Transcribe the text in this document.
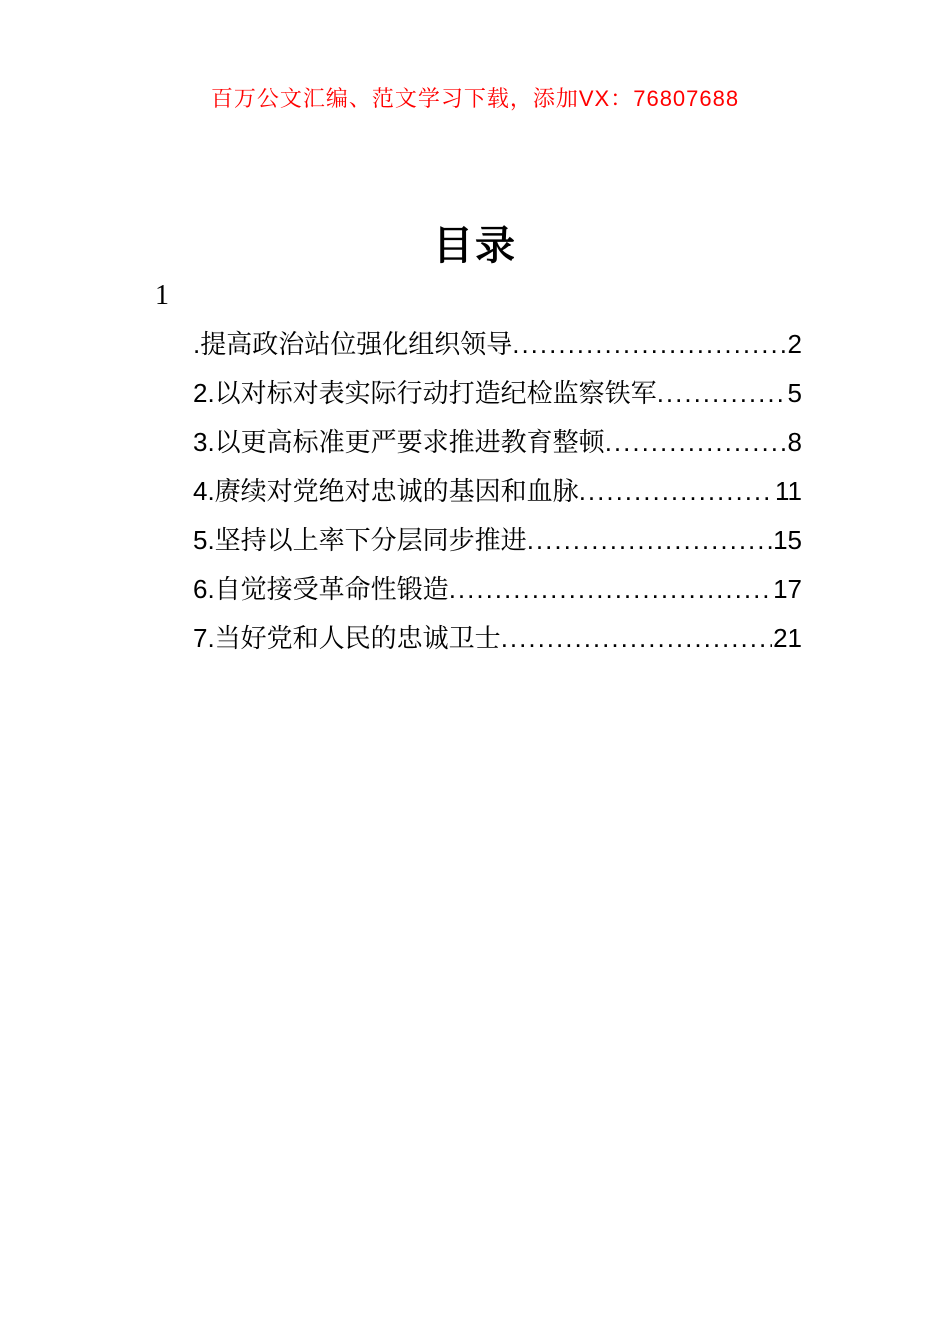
百万公文汇编、范文学习下载，添加VX：76807688
目录
1
.提高政治站位强化组织领导 .....	2
2.以对标对表实际行动打造纪检监察铁军 .....	5
3.以更高标准更严要求推进教育整顿 .....	8
4.赓续对党绝对忠诚的基因和血脉 .....	11
5.坚持以上率下分层同步推进 .....	15
6.自觉接受革命性锻造 .....	17
7.当好党和人民的忠诚卫士 .....	21
